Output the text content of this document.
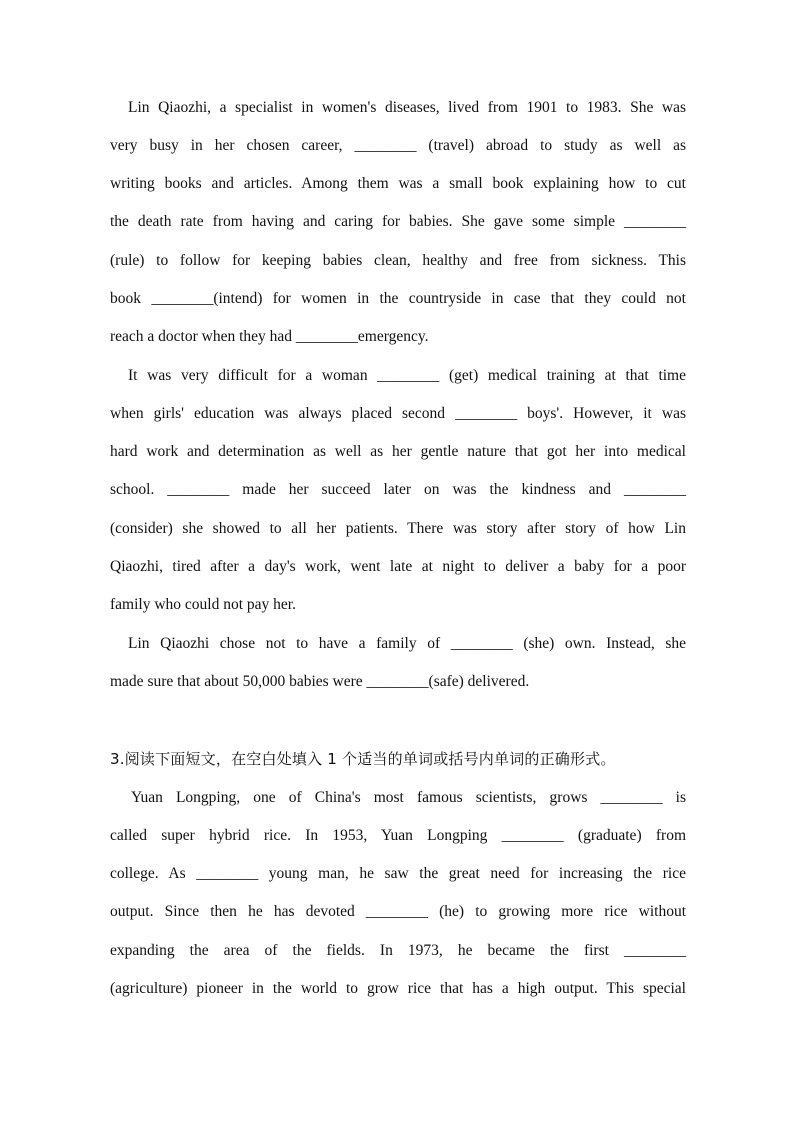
Lin Qiaozhi, a specialist in women's diseases, lived from 1901 to 1983. She was
very busy in her chosen career, ________ (travel) abroad to study as well as
writing books and articles. Among them was a small book explaining how to cut
the death rate from having and caring for babies. She gave some simple ________
(rule) to follow for keeping babies clean, healthy and free from sickness. This
book ________(intend) for women in the countryside in case that they could not
reach a doctor when they had ________emergency.
It was very difficult for a woman ________ (get) medical training at that time
when girls' education was always placed second ________ boys'. However, it was
hard work and determination as well as her gentle nature that got her into medical
school. ________ made her succeed later on was the kindness and ________
(consider) she showed to all her patients. There was story after story of how Lin
Qiaozhi, tired after a day's work, went late at night to deliver a baby for a poor
family who could not pay her.
Lin Qiaozhi chose not to have a family of ________ (she) own. Instead, she
made sure that about 50,000 babies were ________(safe) delivered.
3.阅读下面短文，在空白处填入 1 个适当的单词或括号内单词的正确形式。
Yuan Longping, one of China's most famous scientists, grows ________ is
called super hybrid rice. In 1953, Yuan Longping ________ (graduate) from
college. As ________ young man, he saw the great need for increasing the rice
output. Since then he has devoted ________ (he) to growing more rice without
expanding the area of the fields. In 1973, he became the first ________
(agriculture) pioneer in the world to grow rice that has a high output. This special
